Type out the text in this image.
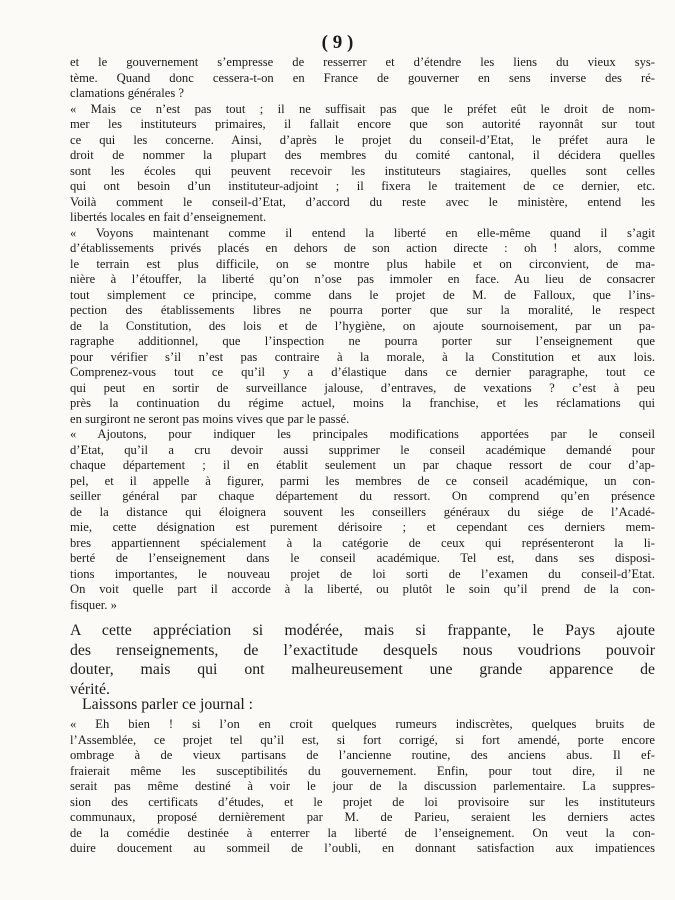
( 9 )
et le gouvernement s’empresse de resserrer et d’étendre les liens du vieux sys-
tème. Quand donc cessera-t-on en France de gouverner en sens inverse des ré-
clamations générales ?
« Mais ce n’est pas tout ; il ne suffisait pas que le préfet eût le droit de nom-
mer les instituteurs primaires, il fallait encore que son autorité rayonnât sur tout
ce qui les concerne. Ainsi, d’après le projet du conseil-d’Etat, le préfet aura le
droit de nommer la plupart des membres du comité cantonal, il décidera quelles
sont les écoles qui peuvent recevoir les instituteurs stagiaires, quelles sont celles
qui ont besoin d’un instituteur-adjoint ; il fixera le traitement de ce dernier, etc.
Voilà comment le conseil-d’Etat, d’accord du reste avec le ministère, entend les
libertés locales en fait d’enseignement.
« Voyons maintenant comme il entend la liberté en elle-même quand il s’agit
d’établissements privés placés en dehors de son action directe : oh ! alors, comme
le terrain est plus difficile, on se montre plus habile et on circonvient, de ma-
nière à l’étouffer, la liberté qu’on n’ose pas immoler en face. Au lieu de consacrer
tout simplement ce principe, comme dans le projet de M. de Falloux, que l’ins-
pection des établissements libres ne pourra porter que sur la moralité, le respect
de la Constitution, des lois et de l’hygiène, on ajoute sournoisement, par un pa-
ragraphe additionnel, que l’inspection ne pourra porter sur l’enseignement que
pour vérifier s’il n’est pas contraire à la morale, à la Constitution et aux lois.
Comprenez-vous tout ce qu’il y a d’élastique dans ce dernier paragraphe, tout ce
qui peut en sortir de surveillance jalouse, d’entraves, de vexations ? c’est à peu
près la continuation du régime actuel, moins la franchise, et les réclamations qui
en surgiront ne seront pas moins vives que par le passé.
« Ajoutons, pour indiquer les principales modifications apportées par le conseil
d’Etat, qu’il a cru devoir aussi supprimer le conseil académique demandé pour
chaque département ; il en établit seulement un par chaque ressort de cour d’ap-
pel, et il appelle à figurer, parmi les membres de ce conseil académique, un con-
seiller général par chaque département du ressort. On comprend qu’en présence
de la distance qui éloignera souvent les conseillers généraux du siége de l’Acadé-
mie, cette désignation est purement dérisoire ; et cependant ces derniers mem-
bres appartiennent spécialement à la catégorie de ceux qui représenteront la li-
berté de l’enseignement dans le conseil académique. Tel est, dans ses disposi-
tions importantes, le nouveau projet de loi sorti de l’examen du conseil-d’Etat.
On voit quelle part il accorde à la liberté, ou plutôt le soin qu’il prend de la con-
fisquer. »
A cette appréciation si modérée, mais si frappante, le Pays ajoute
des renseignements, de l’exactitude desquels nous voudrions pouvoir
douter, mais qui ont malheureusement une grande apparence de
vérité.
Laissons parler ce journal :
« Eh bien ! si l’on en croit quelques rumeurs indiscrètes, quelques bruits de
l’Assemblée, ce projet tel qu’il est, si fort corrigé, si fort amendé, porte encore
ombrage à de vieux partisans de l’ancienne routine, des anciens abus. Il ef-
fraierait même les susceptibilités du gouvernement. Enfin, pour tout dire, il ne
serait pas même destiné à voir le jour de la discussion parlementaire. La suppres-
sion des certificats d’études, et le projet de loi provisoire sur les instituteurs
communaux, proposé dernièrement par M. de Parieu, seraient les derniers actes
de la comédie destinée à enterrer la liberté de l’enseignement. On veut la con-
duire doucement au sommeil de l’oubli, en donnant satisfaction aux impatiences
